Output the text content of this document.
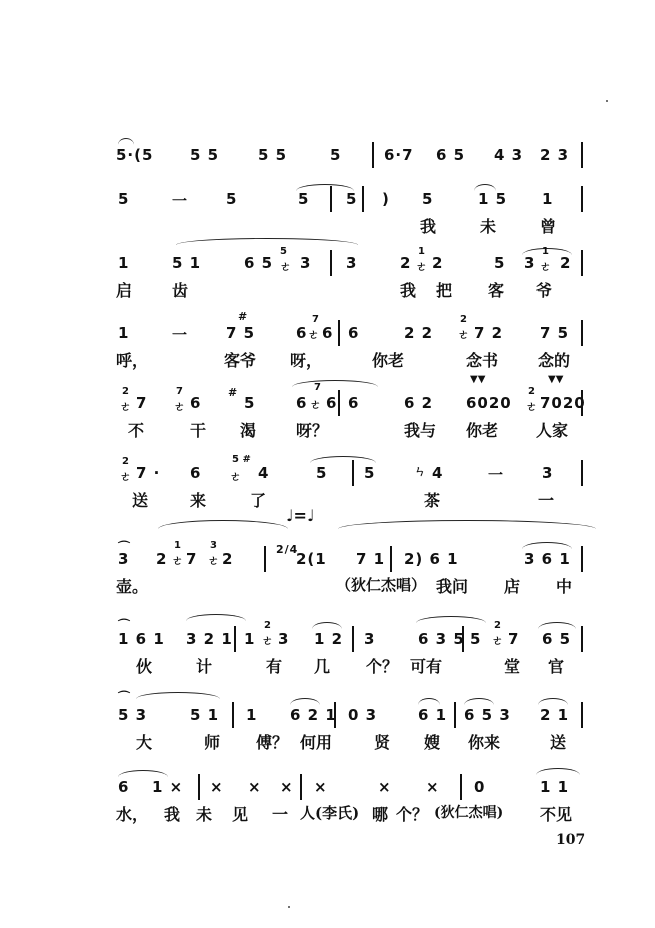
5·(5 5 5	5 5	5	6·7 6 5 4 3 2 3
5	一	5	5 5 ) 5	1 5 1
我	未	曾
1	5 1	6 5
5
ㄜ 3 3	2
1
ㄜ 2	5 3
1
ㄜ 2
启 齿	我 把 客 爷
1	一
#
7 5	6
7
ㄜ 6 6	2 2
2
ㄜ 7 2 7 5
呼，	客爷 呀，	你老	念书 念的
2
ㄜ 7
7
ㄜ 6
#
5	6
7
ㄜ 6 6	6 2
▼▼
6020
▼▼
2
ㄜ 7020
不	干 渴 呀？	我与 你老 人家
2
ㄜ 7 · 6
5 #
ㄜ 4	5 5	ㄣ 4	一	3
送	来	了	茶	一
♩=♩
⌒
3 2
1
ㄜ 7
3
ㄜ 2
2/4
2(1 7 1 2) 6 1	3 6 1
壶。	（狄仁杰唱） 我问 店 中
⌒
1 6 1 3 2 1 1
2
ㄜ 3 1 2 3	6 3 5 5
2
ㄜ 7 6 5
伙	计	有 几 个？ 可有	堂 官
⌒
5 3	5 1 1 6 2 1 0 3	6 1 6 5 3 2 1
大	师 傅？ 何用	贤 嫂 你来	送
6 1 × × × × ×	× × 0	1 1
水， 我 未 见 一 人(李氏) 哪 个？ (狄仁杰唱) 不见
107
